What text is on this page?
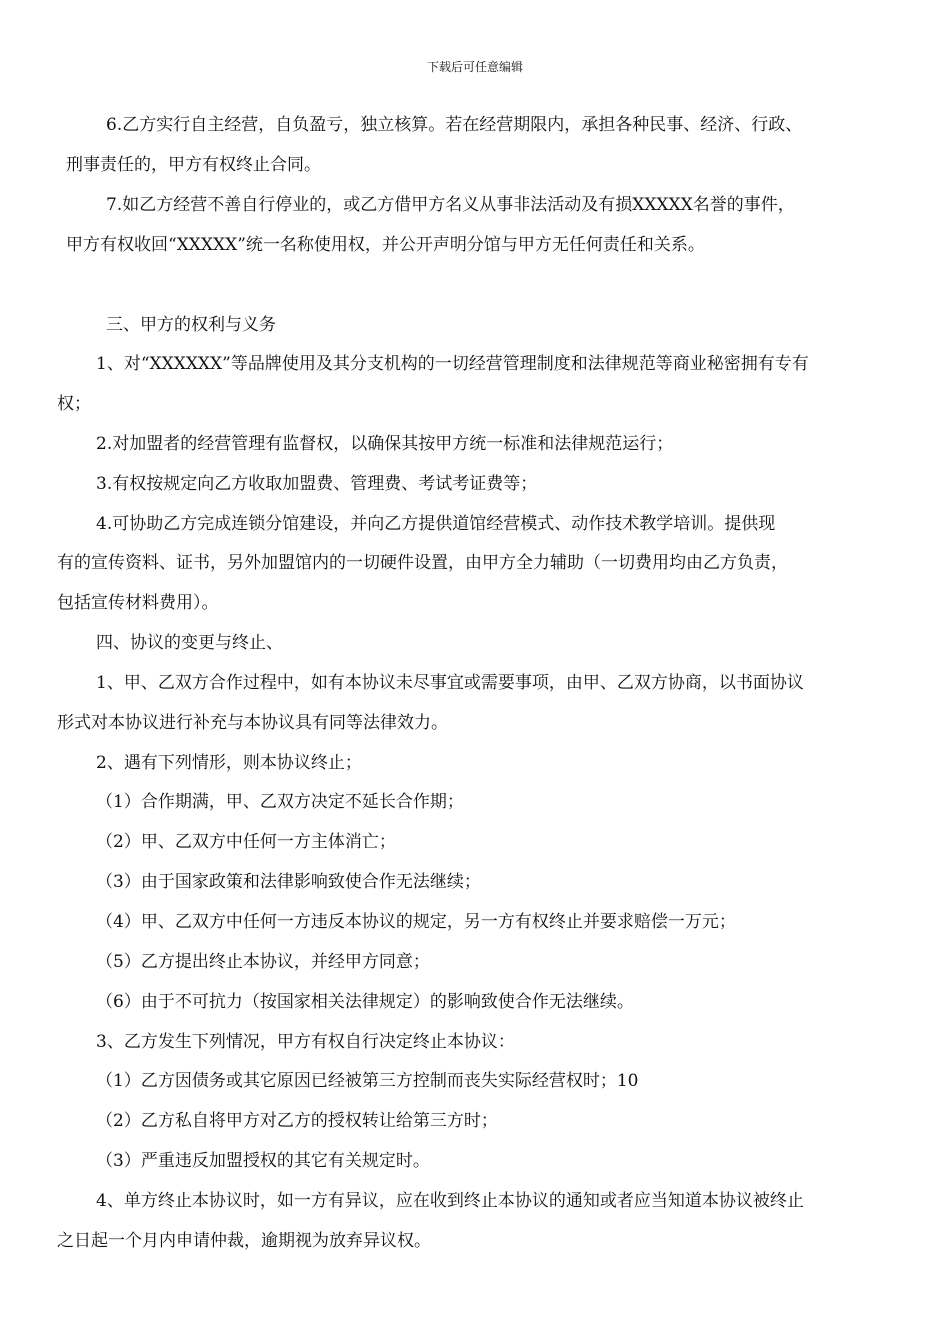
下载后可任意编辑
6.乙方实行自主经营，自负盈亏，独立核算。若在经营期限内，承担各种民事、经济、行政、
刑事责任的，甲方有权终止合同。
7.如乙方经营不善自行停业的，或乙方借甲方名义从事非法活动及有损XXXXX名誉的事件，
甲方有权收回“XXXXX”统一名称使用权，并公开声明分馆与甲方无任何责任和关系。
三、甲方的权利与义务
1、对“XXXXXX”等品牌使用及其分支机构的一切经营管理制度和法律规范等商业秘密拥有专有
权；
2.对加盟者的经营管理有监督权，以确保其按甲方统一标准和法律规范运行；
3.有权按规定向乙方收取加盟费、管理费、考试考证费等；
4.可协助乙方完成连锁分馆建设，并向乙方提供道馆经营模式、动作技术教学培训。提供现
有的宣传资料、证书，另外加盟馆内的一切硬件设置，由甲方全力辅助（一切费用均由乙方负责，
包括宣传材料费用）。
四、协议的变更与终止、
1、甲、乙双方合作过程中，如有本协议未尽事宜或需要事项，由甲、乙双方协商，以书面协议
形式对本协议进行补充与本协议具有同等法律效力。
2、遇有下列情形，则本协议终止；
（1）合作期满，甲、乙双方决定不延长合作期；
（2）甲、乙双方中任何一方主体消亡；
（3）由于国家政策和法律影响致使合作无法继续；
（4）甲、乙双方中任何一方违反本协议的规定，另一方有权终止并要求赔偿一万元；
（5）乙方提出终止本协议，并经甲方同意；
（6）由于不可抗力（按国家相关法律规定）的影响致使合作无法继续。
3、乙方发生下列情况，甲方有权自行决定终止本协议：
（1）乙方因债务或其它原因已经被第三方控制而丧失实际经营权时；10
（2）乙方私自将甲方对乙方的授权转让给第三方时；
（3）严重违反加盟授权的其它有关规定时。
4、单方终止本协议时，如一方有异议，应在收到终止本协议的通知或者应当知道本协议被终止
之日起一个月内申请仲裁，逾期视为放弃异议权。
